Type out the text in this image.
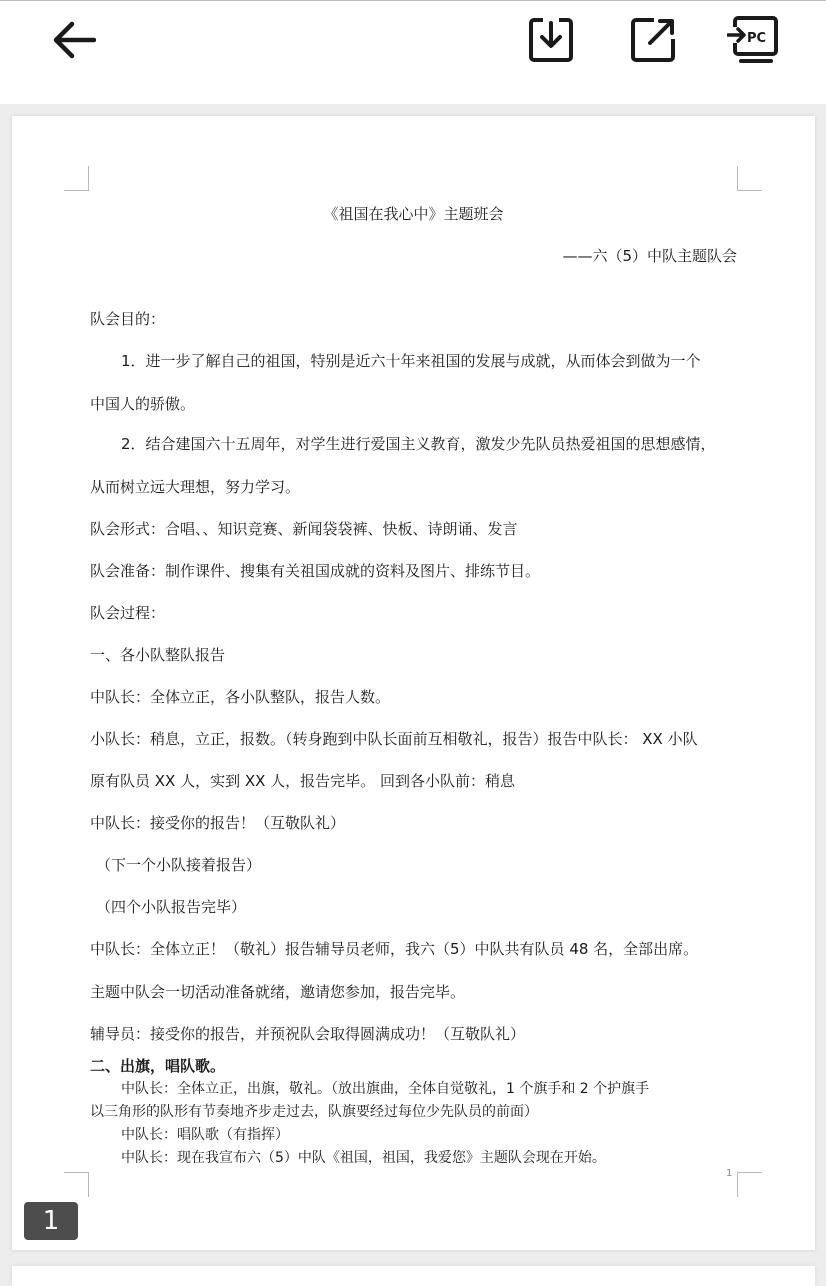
PC
《祖国在我心中》主题班会
——六（5）中队主题队会
队会目的：
1．进一步了解自己的祖国，特别是近六十年来祖国的发展与成就，从而体会到做为一个
中国人的骄傲。
2．结合建国六十五周年，对学生进行爱国主义教育，激发少先队员热爱祖国的思想感情，
从而树立远大理想，努力学习。
队会形式：合唱、、知识竞赛、新闻袋袋裤、快板、诗朗诵、发言
队会准备：制作课件、搜集有关祖国成就的资料及图片、排练节目。
队会过程：
一、各小队整队报告
中队长：全体立正，各小队整队，报告人数。
小队长：稍息，立正，报数。（转身跑到中队长面前互相敬礼，报告）报告中队长： XX 小队
原有队员 XX 人，实到 XX 人，报告完毕。 回到各小队前：稍息
中队长：接受你的报告！（互敬队礼）
（下一个小队接着报告）
（四个小队报告完毕）
中队长：全体立正！（敬礼）报告辅导员老师，我六（5）中队共有队员 48 名，全部出席。
主题中队会一切活动准备就绪，邀请您参加，报告完毕。
辅导员：接受你的报告，并预祝队会取得圆满成功！（互敬队礼）
二、出旗，唱队歌。
中队长：全体立正，出旗，敬礼。（放出旗曲，全体自觉敬礼，1 个旗手和 2 个护旗手
以三角形的队形有节奏地齐步走过去，队旗要经过每位少先队员的前面）
中队长：唱队歌（有指挥）
中队长：现在我宣布六（5）中队《祖国，祖国，我爱您》主题队会现在开始。
1
1
